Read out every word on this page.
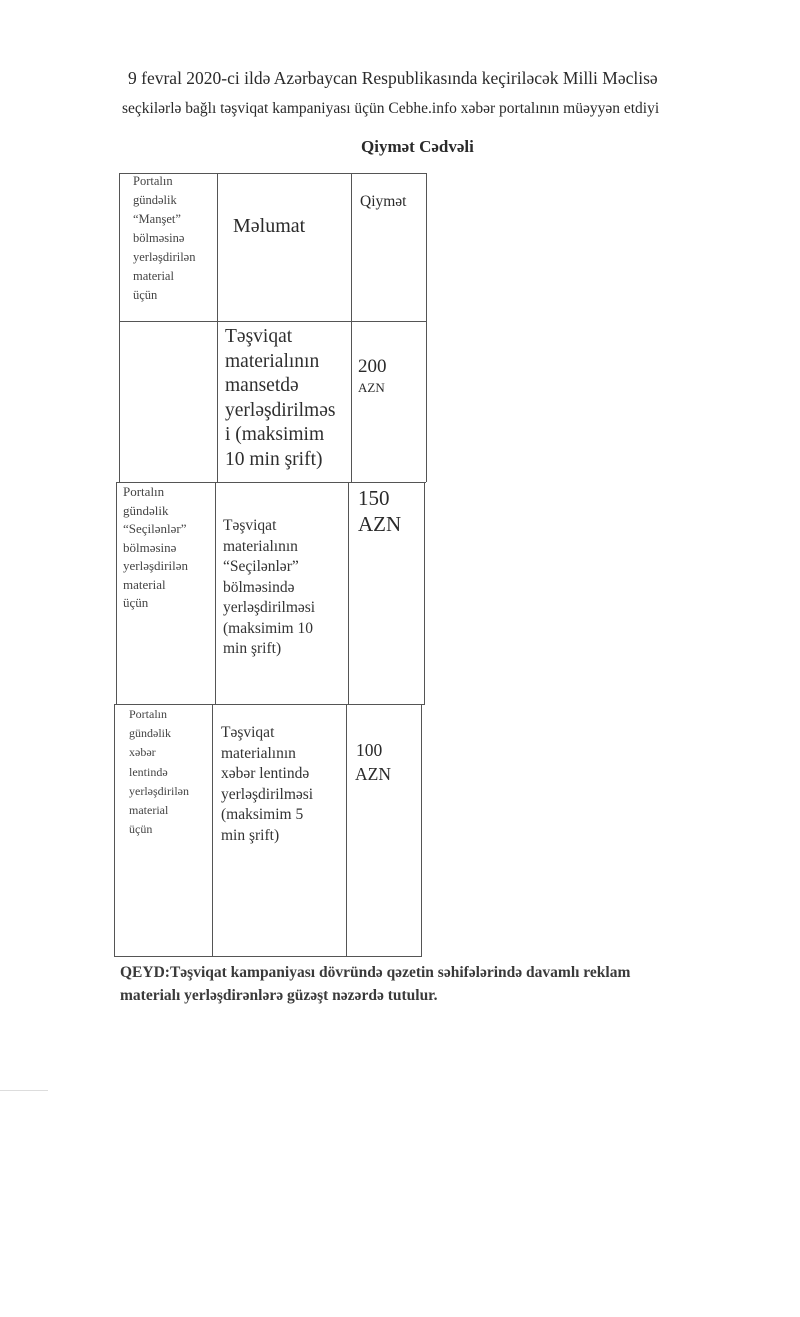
9 fevral 2020-ci ildə Azərbaycan Respublikasında keçiriləcək Milli Məclisə
seçkilərlə bağlı təşviqat kampaniyası üçün Cebhe.info xəbər portalının müəyyən etdiyi
Qiymət Cədvəli
Portalın
gündəlik
“Manşet”
bölməsinə
yerləşdirilən
material
üçün
Məlumat
Qiymət
Təşviqat
materialının
mansetdə
yerləşdirilməs
i (maksimim
10 min şrift)
200
AZN
Portalın
gündəlik
“Seçilənlər”
bölməsinə
yerləşdirilən
material
üçün
Təşviqat
materialının
“Seçilənlər”
bölməsində
yerləşdirilməsi
(maksimim 10
min şrift)
150
AZN
Portalın
gündəlik
xəbər
lentində
yerləşdirilən
material
üçün
Təşviqat
materialının
xəbər lentində
yerləşdirilməsi
(maksimim 5
min şrift)
100
AZN
QEYD:Təşviqat kampaniyası dövründə qəzetin səhifələrində davamlı reklam
materialı yerləşdirənlərə güzəşt nəzərdə tutulur.
